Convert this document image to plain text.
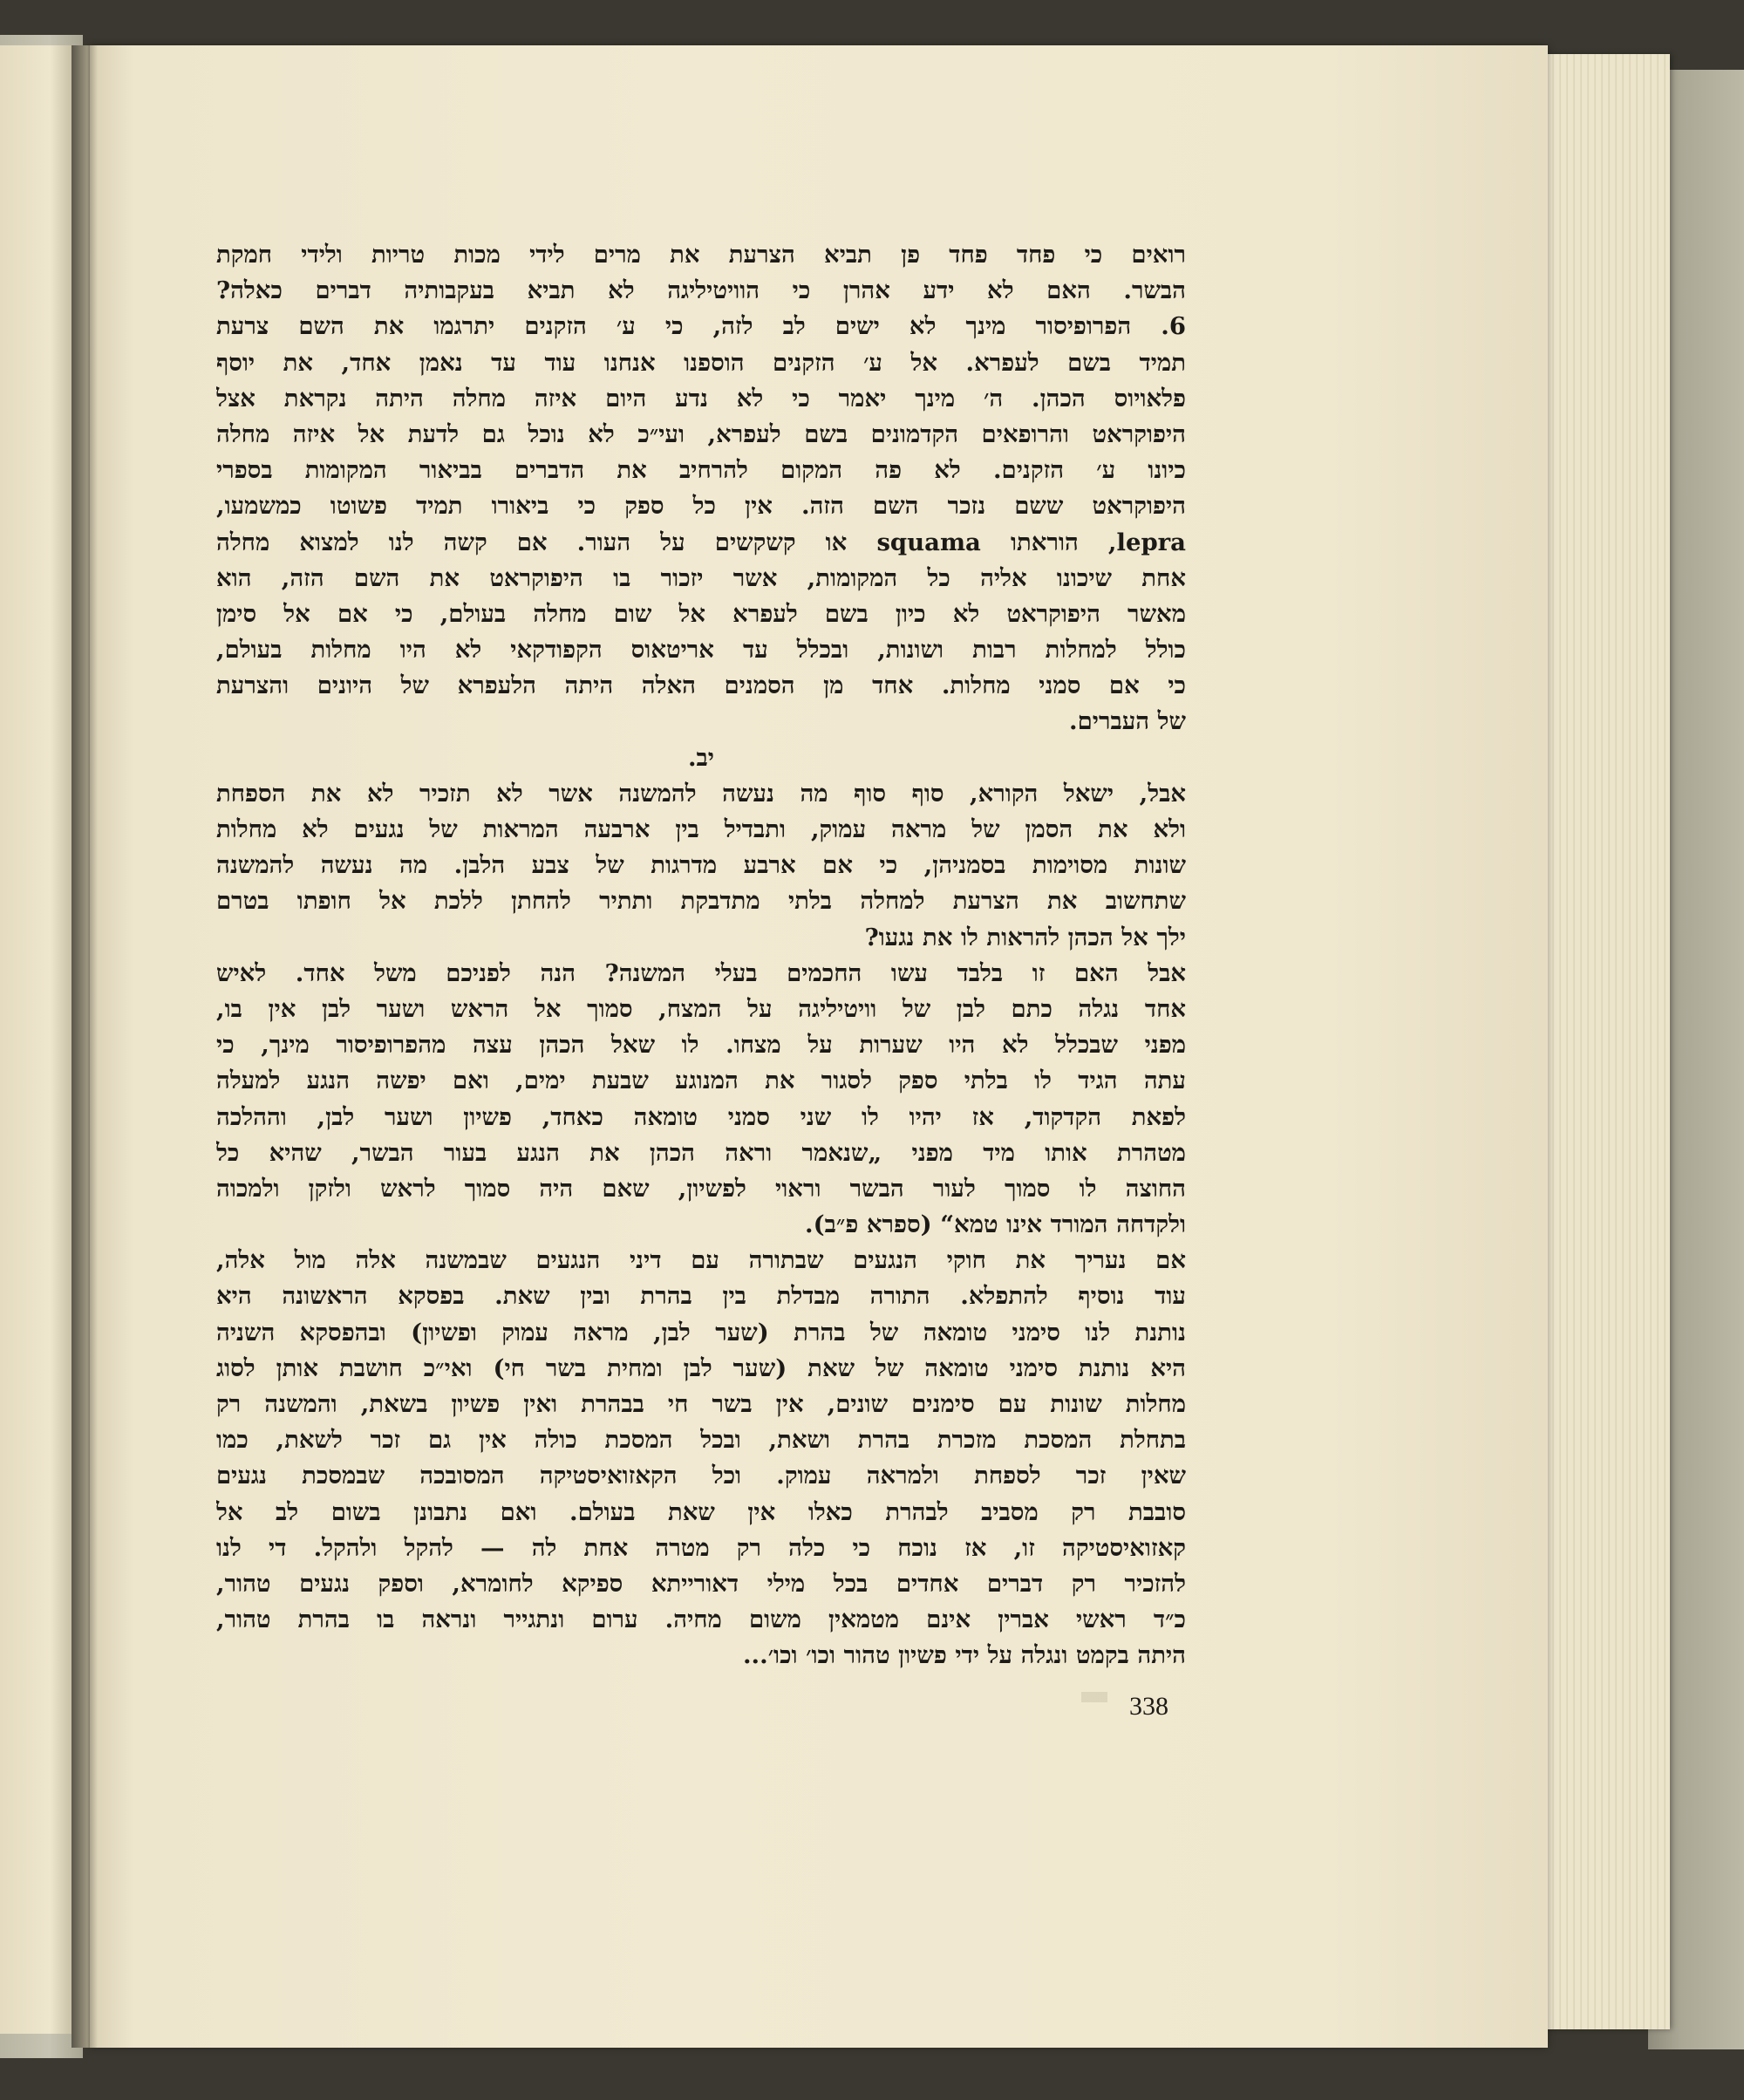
רואים כי פחד פחד פן תביא הצרעת את מרים לידי מכות טריות ולידי חמקת
הבשר. האם לא ידע אהרן כי הוויטיליגה לא תביא בעקבותיה דברים כאלה?
6. הפרופיסור מינך לא ישים לב לזה, כי ע׳ הזקנים יתרגמו את השם צרעת
תמיד בשם לעפרא. אל ע׳ הזקנים הוספנו אנחנו עוד עד נאמן אחד, את יוסף
פלאויוס הכהן. ה׳ מינך יאמר כי לא נדע היום איזה מחלה היתה נקראת אצל
היפוקראט והרופאים הקדמונים בשם לעפרא, ועי״כ לא נוכל גם לדעת אל איזה מחלה
כיונו ע׳ הזקנים. לא פה המקום להרחיב את הדברים בביאור המקומות בספרי
היפוקראט ששם נזכר השם הזה. אין כל ספק כי ביאורו תמיד פשוטו כמשמעו,
lepra, הוראתו squama או קשקשים על העור. אם קשה לנו למצוא מחלה
אחת שיכונו אליה כל המקומות, אשר יזכור בו היפוקראט את השם הזה, הוא
מאשר היפוקראט לא כיון בשם לעפרא אל שום מחלה בעולם, כי אם אל סימן
כולל למחלות רבות ושונות, ובכלל עד אריטאוס הקפודקאי לא היו מחלות בעולם,
כי אם סמני מחלות. אחד מן הסמנים האלה היתה הלעפרא של היונים והצרעת
של העברים.
יב.
אבל, ישאל הקורא, סוף סוף מה נעשה להמשנה אשר לא תזכיר לא את הספחת
ולא את הסמן של מראה עמוק, ותבדיל בין ארבעה המראות של נגעים לא מחלות
שונות מסוימות בסמניהן, כי אם ארבע מדרגות של צבע הלבן. מה נעשה להמשנה
שתחשוב את הצרעת למחלה בלתי מתדבקת ותתיר להחתן ללכת אל חופתו בטרם
ילך אל הכהן להראות לו את נגעו?
אבל האם זו בלבד עשו החכמים בעלי המשנה? הנה לפניכם משל אחד. לאיש
אחד נגלה כתם לבן של וויטיליגה על המצח, סמוך אל הראש ושער לבן אין בו,
מפני שבכלל לא היו שערות על מצחו. לו שאל הכהן עצה מהפרופיסור מינך, כי
עתה הגיד לו בלתי ספק לסגור את המנוגע שבעת ימים, ואם יפשה הנגע למעלה
לפאת הקדקוד, אז יהיו לו שני סמני טומאה כאחד, פשיון ושער לבן, וההלכה
מטהרת אותו מיד מפני „שנאמר וראה הכהן את הנגע בעור הבשר, שהיא כל
החוצה לו סמוך לעור הבשר וראוי לפשיון, שאם היה סמוך לראש ולזקן ולמכוה
ולקדחה המורד אינו טמא“ (ספרא פ״ב).
אם נעריך את חוקי הנגעים שבתורה עם דיני הנגעים שבמשנה אלה מול אלה,
עוד נוסיף להתפלא. התורה מבדלת בין בהרת ובין שאת. בפסקא הראשונה היא
נותנת לנו סימני טומאה של בהרת (שער לבן, מראה עמוק ופשיון) ובהפסקא השניה
היא נותנת סימני טומאה של שאת (שער לבן ומחית בשר חי) ואי״כ חושבת אותן לסוג
מחלות שונות עם סימנים שונים, אין בשר חי בבהרת ואין פשיון בשאת, והמשנה רק
בתחלת המסכת מזכרת בהרת ושאת, ובכל המסכת כולה אין גם זכר לשאת, כמו
שאין זכר לספחת ולמראה עמוק. וכל הקאזואיסטיקה המסובכה שבמסכת נגעים
סובבת רק מסביב לבהרת כאלו אין שאת בעולם. ואם נתבונן בשום לב אל
קאזואיסטיקה זו, אז נוכח כי כלה רק מטרה אחת לה — להקל ולהקל. די לנו
להזכיר רק דברים אחדים בכל מילי דאורייתא ספיקא לחומרא, וספק נגעים טהור,
כ״ד ראשי אברין אינם מטמאין משום מחיה. ערום ונתגייר ונראה בו בהרת טהור,
היתה בקמט ונגלה על ידי פשיון טהור וכו׳ וכו׳...
338
